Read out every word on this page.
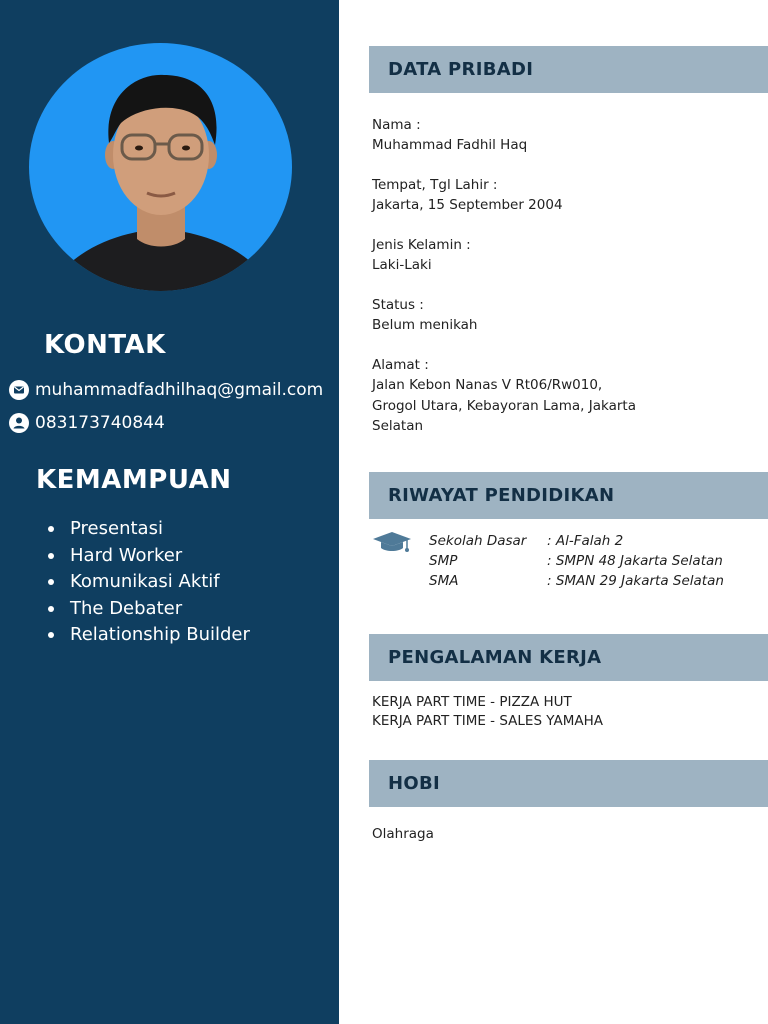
KONTAK
muhammadfadhilhaq@gmail.com
083173740844
KEMAMPUAN
Presentasi
Hard Worker
Komunikasi Aktif
The Debater
Relationship Builder
DATA PRIBADI
Nama :
Muhammad Fadhil Haq
Tempat, Tgl Lahir :
Jakarta, 15 September 2004
Jenis Kelamin :
Laki-Laki
Status :
Belum menikah
Alamat :
Jalan Kebon Nanas V Rt06/Rw010,
Grogol Utara, Kebayoran Lama, Jakarta
Selatan
RIWAYAT PENDIDIKAN
Sekolah Dasar : Al-Falah 2
SMP	: SMPN 48 Jakarta Selatan
SMA	: SMAN 29 Jakarta Selatan
PENGALAMAN KERJA
KERJA PART TIME - PIZZA HUT
KERJA PART TIME - SALES YAMAHA
HOBI
Olahraga
